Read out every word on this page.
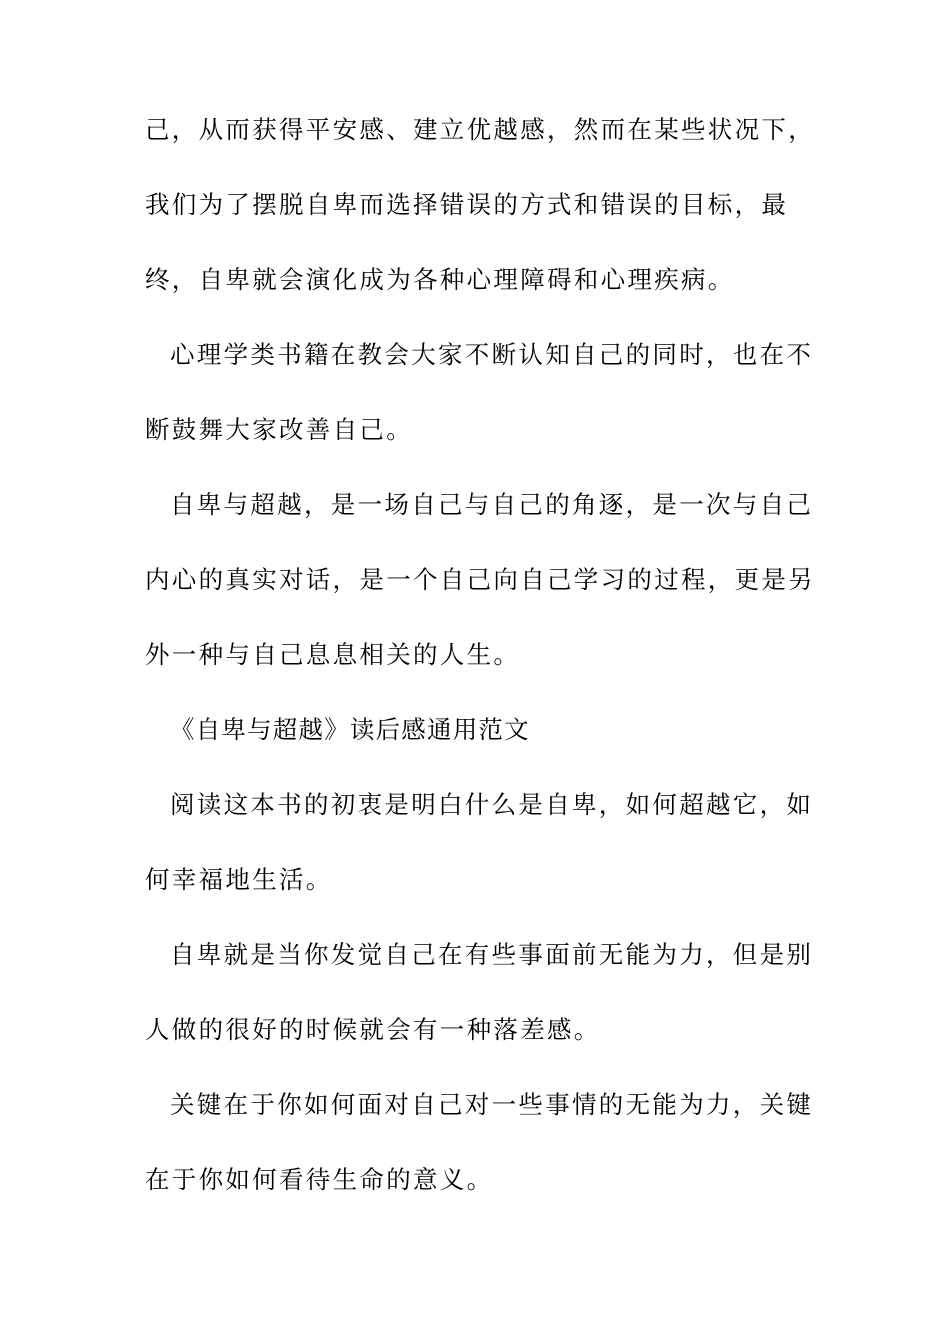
己，从而获得平安感、建立优越感，然而在某些状况下，
我们为了摆脱自卑而选择错误的方式和错误的目标，最
终，自卑就会演化成为各种心理障碍和心理疾病。
心理学类书籍在教会大家不断认知自己的同时，也在不
断鼓舞大家改善自己。
自卑与超越，是一场自己与自己的角逐，是一次与自己
内心的真实对话，是一个自己向自己学习的过程，更是另
外一种与自己息息相关的人生。
《自卑与超越》读后感通用范文
阅读这本书的初衷是明白什么是自卑，如何超越它，如
何幸福地生活。
自卑就是当你发觉自己在有些事面前无能为力，但是别
人做的很好的时候就会有一种落差感。
关键在于你如何面对自己对一些事情的无能为力，关键
在于你如何看待生命的意义。
